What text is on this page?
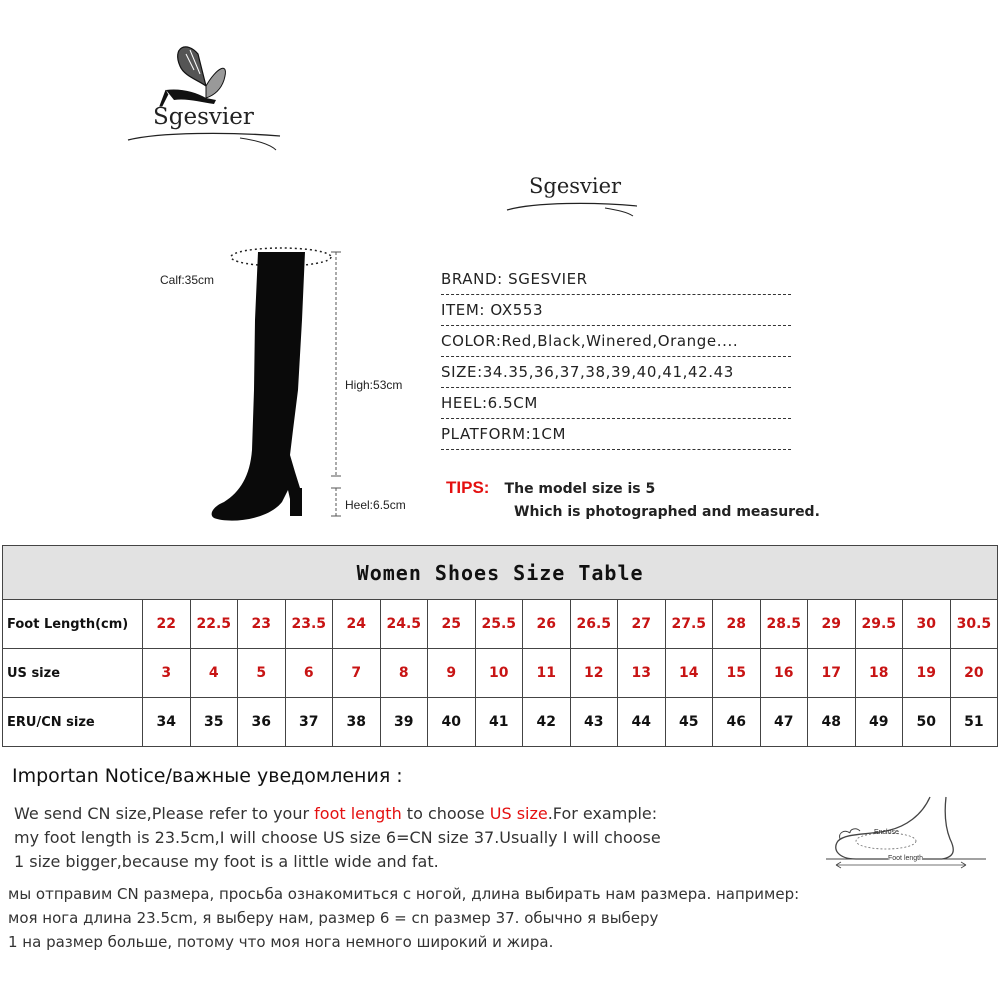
Sgesvier
Sgesvier
Calf:35cm
High:53cm
Heel:6.5cm
BRAND: SGESVIER
ITEM: OX553
COLOR:Red,Black,Winered,Orange....
SIZE:34.35,36,37,38,39,40,41,42.43
HEEL:6.5CM
PLATFORM:1CM
TIPS: The model size is 5
Which is photographed and measured.
Women Shoes Size Table																		
Foot Length(cm)	22	22.5	23	23.5	24	24.5	25	25.5	26	26.5	27	27.5	28	28.5	29	29.5	30	30.5
US size	3	4	5	6	7	8	9	10	11	12	13	14	15	16	17	18	19	20
ERU/CN size	34	35	36	37	38	39	40	41	42	43	44	45	46	47	48	49	50	51
Importan Notice/важные уведомления :
We send CN size,Please refer to your foot length to choose US size.For example:
my foot length is 23.5cm,I will choose US size 6=CN size 37.Usually I will choose
1 size bigger,because my foot is a little wide and fat.
мы отправим CN размера, просьба ознакомиться с ногой, длина выбирать нам размера. например:
моя нога длина 23.5cm, я выберу нам, размер 6 = cn размер 37. обычно я выберу
1 на размер больше, потому что моя нога немного широкий и жира.
Enclose
Foot length
